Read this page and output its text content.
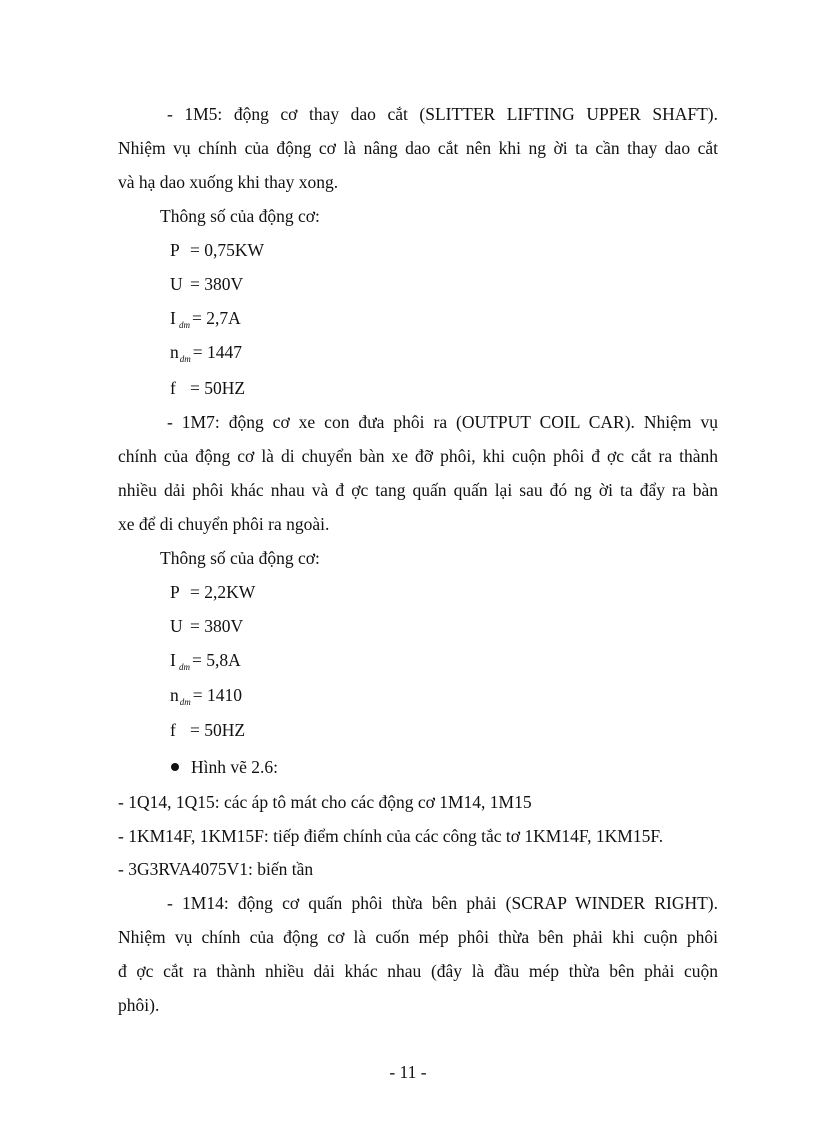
- 1M5: động cơ thay dao cắt (SLITTER LIFTING UPPER SHAFT).
Nhiệm vụ chính của động cơ là nâng dao cắt nên khi ng ời ta cần thay dao cắt
và hạ dao xuống khi thay xong.
Thông số của động cơ:
P = 0,75KW
U = 380V
I $_{dm}$ = 2,7A
$n_{dm} = 1447$
f = 50HZ
- 1M7: động cơ xe con đưa phôi ra (OUTPUT COIL CAR). Nhiệm vụ
chính của động cơ là di chuyển bàn xe đỡ phôi, khi cuộn phôi đ ợc cắt ra thành
nhiều dải phôi khác nhau và đ ợc tang quấn quấn lại sau đó ng ời ta đẩy ra bàn
xe để di chuyển phôi ra ngoài.
Thông số của động cơ:
P = 2,2KW
U = 380V
I $_{dm}$ = 5,8A
$n_{dm} = 1410$
f = 50HZ
Hình vẽ 2.6:
- 1Q14, 1Q15: các áp tô mát cho các động cơ 1M14, 1M15
- 1KM14F, 1KM15F: tiếp điểm chính của các công tắc tơ 1KM14F, 1KM15F.
- 3G3RVA4075V1: biến tần
- 1M14: động cơ quấn phôi thừa bên phải (SCRAP WINDER RIGHT).
Nhiệm vụ chính của động cơ là cuốn mép phôi thừa bên phải khi cuộn phôi
đ ợc cắt ra thành nhiều dải khác nhau (đây là đầu mép thừa bên phải cuộn
phôi).
- 11 -
